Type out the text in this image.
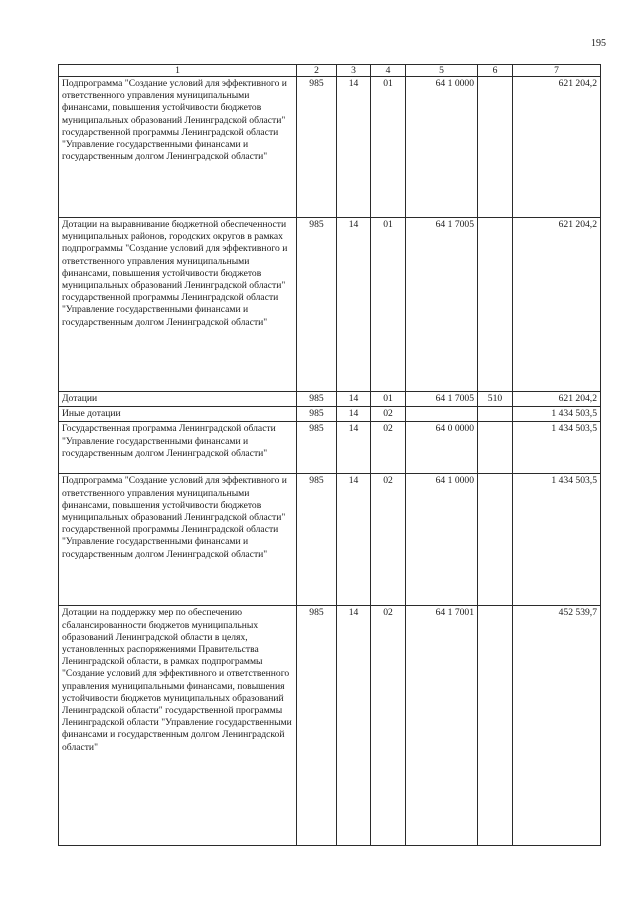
195
1	2	3	4	5	6	7
Подпрограмма "Создание условий для эффективного и ответственного управления муниципальными финансами, повышения устойчивости бюджетов муниципальных образований Ленинградской области" государственной программы Ленинградской области "Управление государственными финансами и государственным долгом Ленинградской области"	985	14	01	64 1 0000		621 204,2
Дотации на выравнивание бюджетной обеспеченности муниципальных районов, городских округов в рамках подпрограммы "Создание условий для эффективного и ответственного управления муниципальными финансами, повышения устойчивости бюджетов муниципальных образований Ленинградской области" государственной программы Ленинградской области "Управление государственными финансами и государственным долгом Ленинградской области"	985	14	01	64 1 7005		621 204,2
Дотации	985	14	01	64 1 7005	510	621 204,2
Иные дотации	985	14	02			1 434 503,5
Государственная программа Ленинградской области "Управление государственными финансами и государственным долгом Ленинградской области"	985	14	02	64 0 0000		1 434 503,5
Подпрограмма "Создание условий для эффективного и ответственного управления муниципальными финансами, повышения устойчивости бюджетов муниципальных образований Ленинградской области" государственной программы Ленинградской области "Управление государственными финансами и государственным долгом Ленинградской области"	985	14	02	64 1 0000		1 434 503,5
Дотации на поддержку мер по обеспечению сбалансированности бюджетов муниципальных образований Ленинградской области в целях, установленных распоряжениями Правительства Ленинградской области, в рамках подпрограммы "Создание условий для эффективного и ответственного управления муниципальными финансами, повышения устойчивости бюджетов муниципальных образований Ленинградской области" государственной программы Ленинградской области "Управление государственными финансами и государственным долгом Ленинградской области"	985	14	02	64 1 7001		452 539,7
